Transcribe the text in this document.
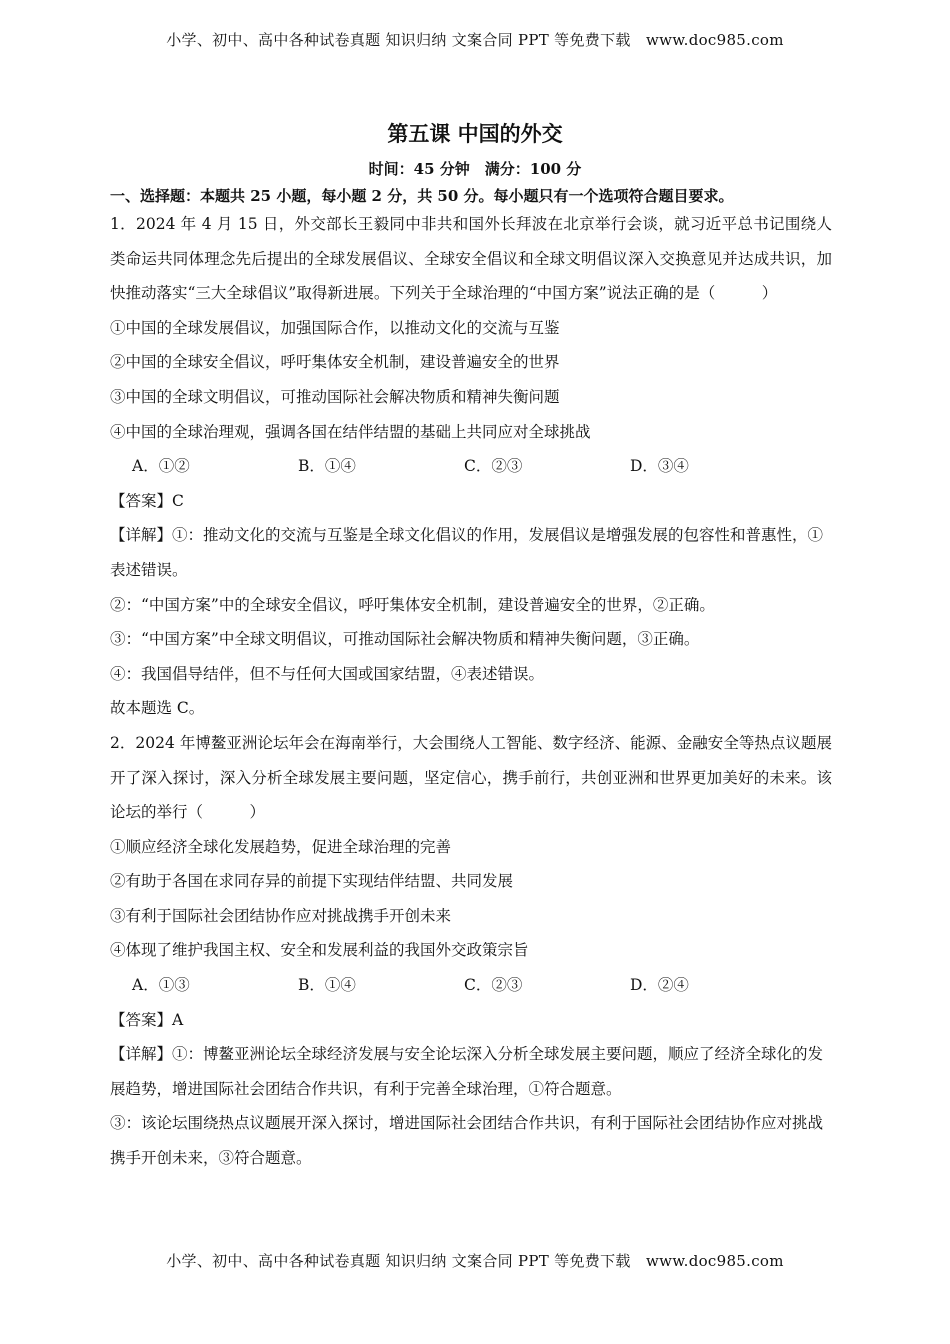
小学、初中、高中各种试卷真题 知识归纳 文案合同 PPT 等免费下载　www.doc985.com
第五课 中国的外交
时间：45 分钟　满分：100 分
一、选择题：本题共 25 小题，每小题 2 分，共 50 分。每小题只有一个选项符合题目要求。

1．2024 年 4 月 15 日，外交部长王毅同中非共和国外长拜波在北京举行会谈，就习近平总书记围绕人类命运共同体理念先后提出的全球发展倡议、全球安全倡议和全球文明倡议深入交换意见并达成共识，加快推动落实“三大全球倡议”取得新进展。下列关于全球治理的“中国方案”说法正确的是（　　　）

①中国的全球发展倡议，加强国际合作，以推动文化的交流与互鉴

②中国的全球安全倡议，呼吁集体安全机制，建设普遍安全的世界

③中国的全球文明倡议，可推动国际社会解决物质和精神失衡问题

④中国的全球治理观，强调各国在结伴结盟的基础上共同应对全球挑战

A．①②	B．①④	C．②③	D．③④

【答案】C

【详解】①：推动文化的交流与互鉴是全球文化倡议的作用，发展倡议是增强发展的包容性和普惠性，①表述错误。

②：“中国方案”中的全球安全倡议，呼吁集体安全机制，建设普遍安全的世界，②正确。

③：“中国方案”中全球文明倡议，可推动国际社会解决物质和精神失衡问题，③正确。

④：我国倡导结伴，但不与任何大国或国家结盟，④表述错误。

故本题选 C。

2．2024 年博鳌亚洲论坛年会在海南举行，大会围绕人工智能、数字经济、能源、金融安全等热点议题展开了深入探讨，深入分析全球发展主要问题，坚定信心，携手前行，共创亚洲和世界更加美好的未来。该论坛的举行（　　　）

①顺应经济全球化发展趋势，促进全球治理的完善

②有助于各国在求同存异的前提下实现结伴结盟、共同发展

③有利于国际社会团结协作应对挑战携手开创未来

④体现了维护我国主权、安全和发展利益的我国外交政策宗旨

A．①③	B．①④	C．②③	D．②④

【答案】A

【详解】①：博鳌亚洲论坛全球经济发展与安全论坛深入分析全球发展主要问题，顺应了经济全球化的发展趋势，增进国际社会团结合作共识，有利于完善全球治理，①符合题意。

③：该论坛围绕热点议题展开深入探讨，增进国际社会团结合作共识，有利于国际社会团结协作应对挑战携手开创未来，③符合题意。

小学、初中、高中各种试卷真题 知识归纳 文案合同 PPT 等免费下载　www.doc985.com
